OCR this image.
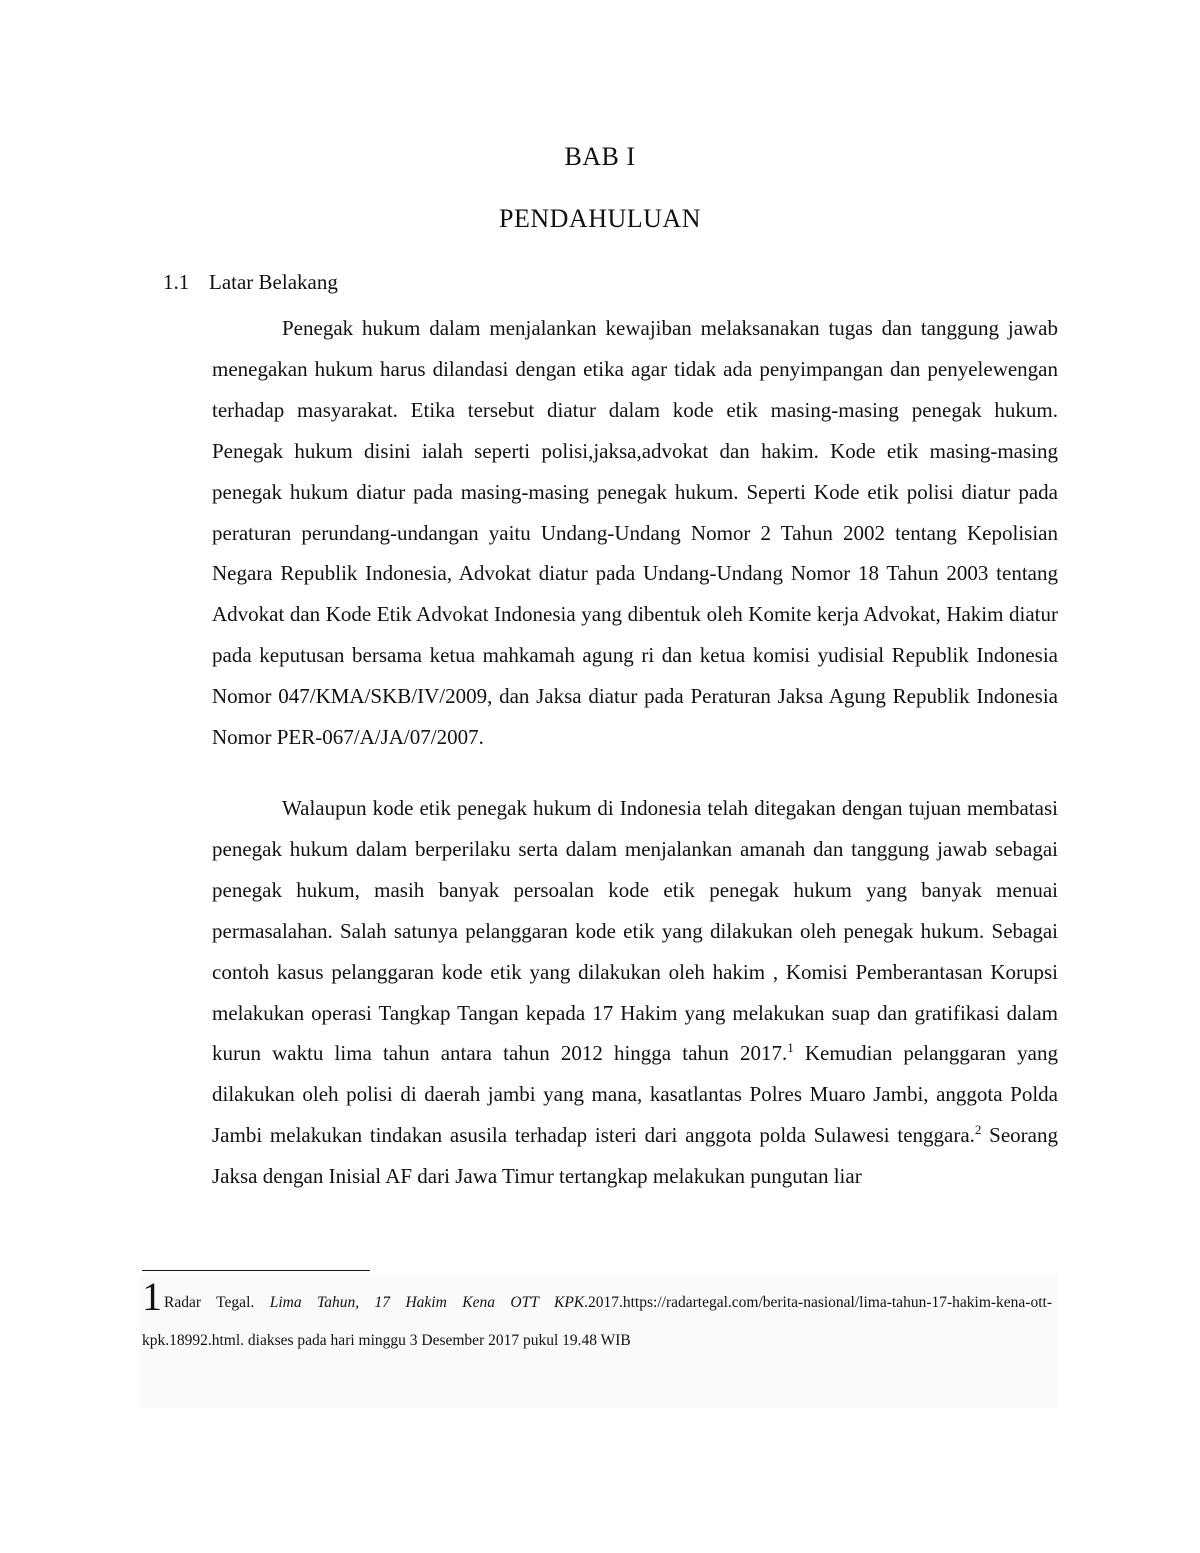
BAB I
PENDAHULUAN
1.1 Latar Belakang

Penegak hukum dalam menjalankan kewajiban melaksanakan tugas dan tanggung jawab menegakan hukum harus dilandasi dengan etika agar tidak ada penyimpangan dan penyelewengan terhadap masyarakat. Etika tersebut diatur dalam kode etik masing-masing penegak hukum. Penegak hukum disini ialah seperti polisi,jaksa,advokat dan hakim. Kode etik masing-masing penegak hukum diatur pada masing-masing penegak hukum. Seperti Kode etik polisi diatur pada peraturan perundang-undangan yaitu Undang-Undang Nomor 2 Tahun 2002 tentang Kepolisian Negara Republik Indonesia, Advokat diatur pada Undang-Undang Nomor 18 Tahun 2003 tentang Advokat dan Kode Etik Advokat Indonesia yang dibentuk oleh Komite kerja Advokat, Hakim diatur pada keputusan bersama ketua mahkamah agung ri dan ketua komisi yudisial Republik Indonesia Nomor 047/KMA/SKB/IV/2009, dan Jaksa diatur pada Peraturan Jaksa Agung Republik Indonesia Nomor PER-067/A/JA/07/2007.

Walaupun kode etik penegak hukum di Indonesia telah ditegakan dengan tujuan membatasi penegak hukum dalam berperilaku serta dalam menjalankan amanah dan tanggung jawab sebagai penegak hukum, masih banyak persoalan kode etik penegak hukum yang banyak menuai permasalahan. Salah satunya pelanggaran kode etik yang dilakukan oleh penegak hukum. Sebagai contoh kasus pelanggaran kode etik yang dilakukan oleh hakim , Komisi Pemberantasan Korupsi melakukan operasi Tangkap Tangan kepada 17 Hakim yang melakukan suap dan gratifikasi dalam kurun waktu lima tahun antara tahun 2012 hingga tahun 2017.$^1$ Kemudian pelanggaran yang dilakukan oleh polisi di daerah jambi yang mana, kasatlantas Polres Muaro Jambi, anggota Polda Jambi melakukan tindakan asusila terhadap isteri dari anggota polda Sulawesi tenggara.$^2$ Seorang Jaksa dengan Inisial AF dari Jawa Timur tertangkap melakukan pungutan liar

1 Radar Tegal. Lima Tahun, 17 Hakim Kena OTT KPK.2017.https://radartegal.com/berita-nasional/lima-tahun-17-hakim-kena-ott-kpk.18992.html. diakses pada hari minggu 3 Desember 2017 pukul 19.48 WIB
